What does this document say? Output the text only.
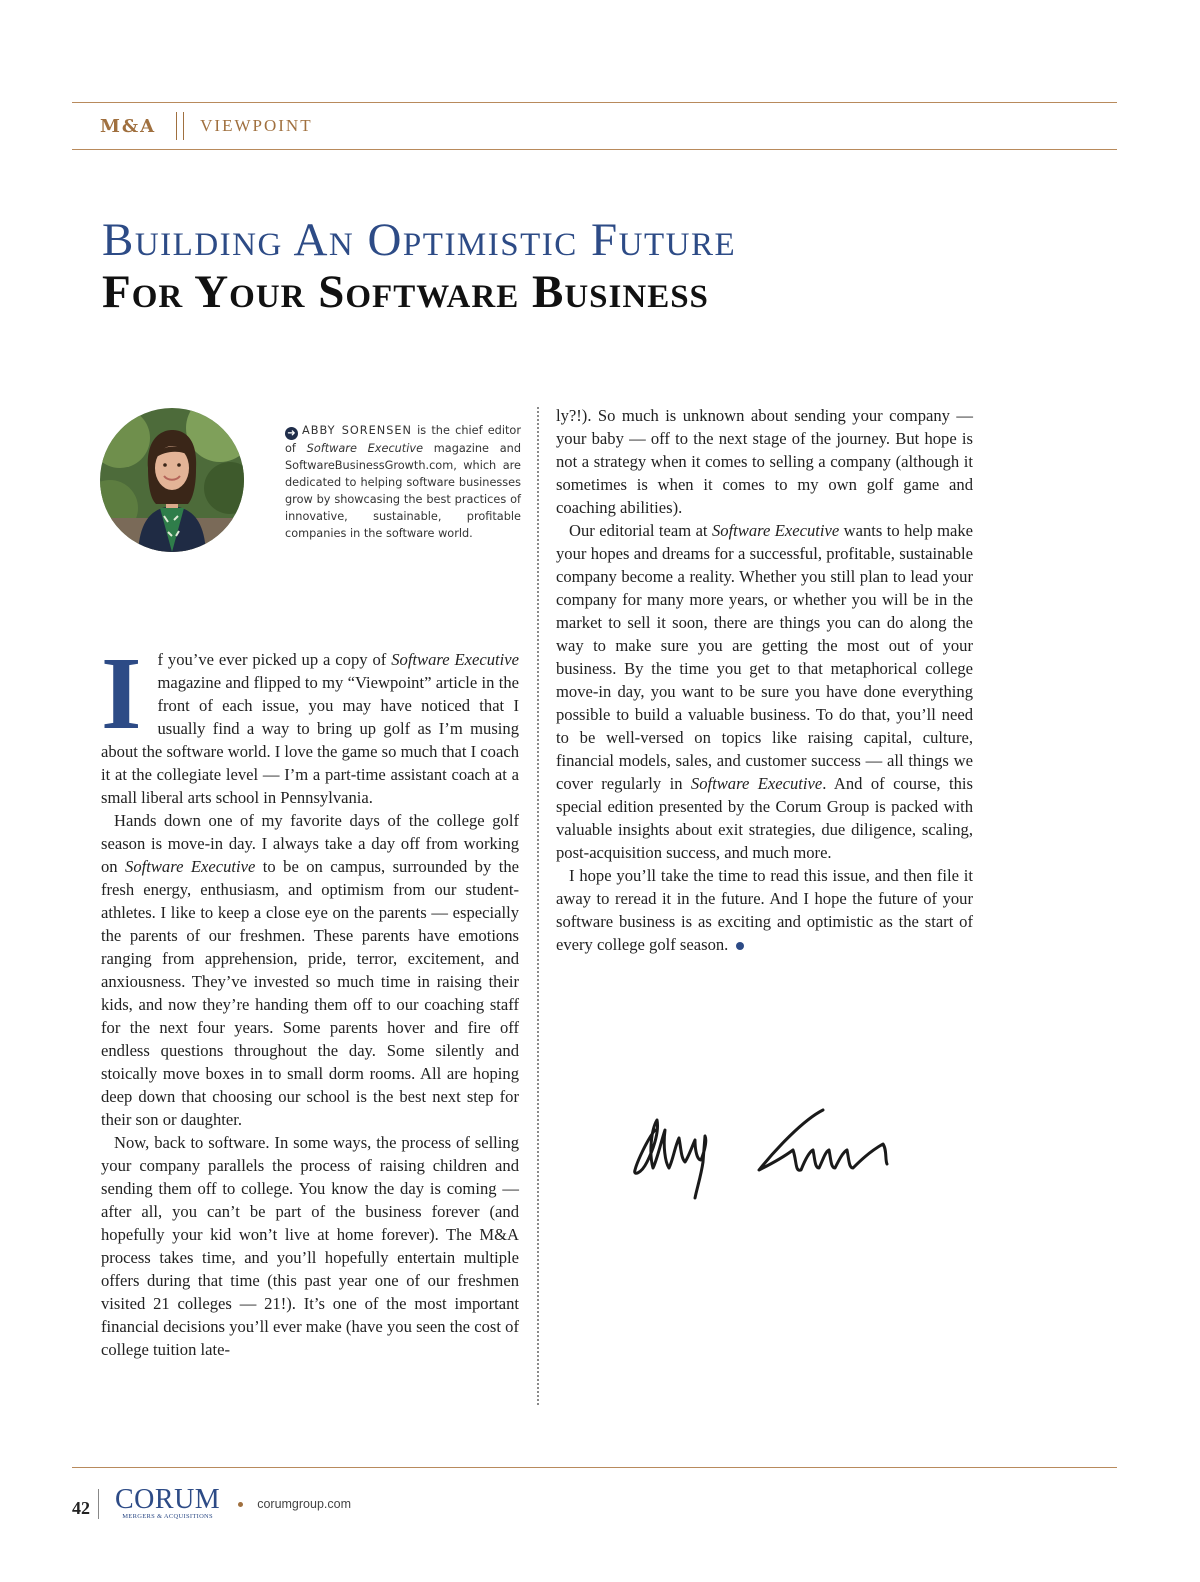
M&A	VIEWPOINT
Building An Optimistic Future
For Your Software Business
➜ ABBY SORENSEN is the chief editor of Software Executive magazine and SoftwareBusinessGrowth.com, which are dedicated to helping software businesses grow by showcasing the best practices of innovative, sustainable, profitable companies in the software world.

If you’ve ever picked up a copy of Software Executive magazine and flipped to my “Viewpoint” article in the front of each issue, you may have noticed that I usually find a way to bring up golf as I’m musing about the software world. I love the game so much that I coach it at the collegiate level — I’m a part-time assistant coach at a small liberal arts school in Pennsylvania.

Hands down one of my favorite days of the college golf season is move-in day. I always take a day off from working on Software Executive to be on campus, surrounded by the fresh energy, enthusiasm, and optimism from our student-athletes. I like to keep a close eye on the parents — especially the parents of our freshmen. These parents have emotions ranging from apprehension, pride, terror, excitement, and anxiousness. They’ve invested so much time in raising their kids, and now they’re handing them off to our coaching staff for the next four years. Some parents hover and fire off endless questions throughout the day. Some silently and stoically move boxes in to small dorm rooms. All are hoping deep down that choosing our school is the best next step for their son or daughter.

Now, back to software. In some ways, the process of selling your company parallels the process of raising children and sending them off to college. You know the day is coming — after all, you can’t be part of the business forever (and hopefully your kid won’t live at home forever). The M&A process takes time, and you’ll hopefully entertain multiple offers during that time (this past year one of our freshmen visited 21 colleges — 21!). It’s one of the most important financial decisions you’ll ever make (have you seen the cost of college tuition late-

ly?!). So much is unknown about sending your company — your baby — off to the next stage of the journey. But hope is not a strategy when it comes to selling a company (although it sometimes is when it comes to my own golf game and coaching abilities).

Our editorial team at Software Executive wants to help make your hopes and dreams for a successful, profitable, sustainable company become a reality. Whether you still plan to lead your company for many more years, or whether you will be in the market to sell it soon, there are things you can do along the way to make sure you are getting the most out of your business. By the time you get to that metaphorical college move-in day, you want to be sure you have done everything possible to build a valuable business. To do that, you’ll need to be well-versed on topics like raising capital, culture, financial models, sales, and customer success — all things we cover regularly in Software Executive. And of course, this special edition presented by the Corum Group is packed with valuable insights about exit strategies, due diligence, scaling, post-acquisition success, and much more.

I hope you’ll take the time to read this issue, and then file it away to reread it in the future. And I hope the future of your software business is as exciting and optimistic as the start of every college golf season.

42 CORUM
MERGERS & ACQUISITIONS
corumgroup.com
